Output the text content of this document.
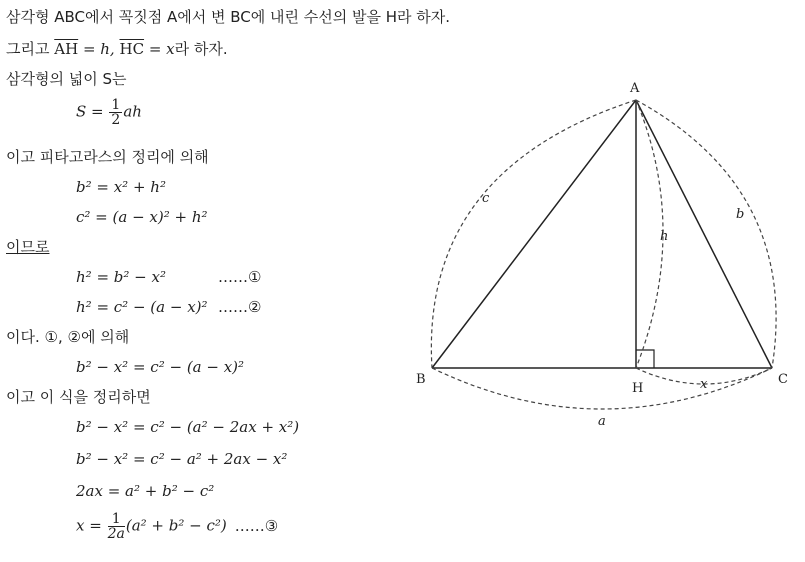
삼각형 ABC에서 꼭짓점 A에서 변 BC에 내린 수선의 발을 H라 하자.
그리고 $\overline{AH} = h$, $\overline{HC} = x$라 하자.
삼각형의 넓이 S는
$S = \frac{1}{2}$ ah
이고 피타고라스의 정리에 의해
b² = x² + h²
c² = (a − x)² + h²
이므로
h² = b² − x²	……①
h² = c² − (a − x)² ……②
이다. ①, ②에 의해
b² − x² = c² − (a − x)²
이고 이 식을 정리하면
b² − x² = c² − (a² − 2ax + x²)
b² − x² = c² − a² + 2ax − x²
2ax = a² + b² − c²
$x = \frac{1}{2a} (a^2 + b^2 - c^2)$ ……③
A
B	C
H
c
b
h
x
a
